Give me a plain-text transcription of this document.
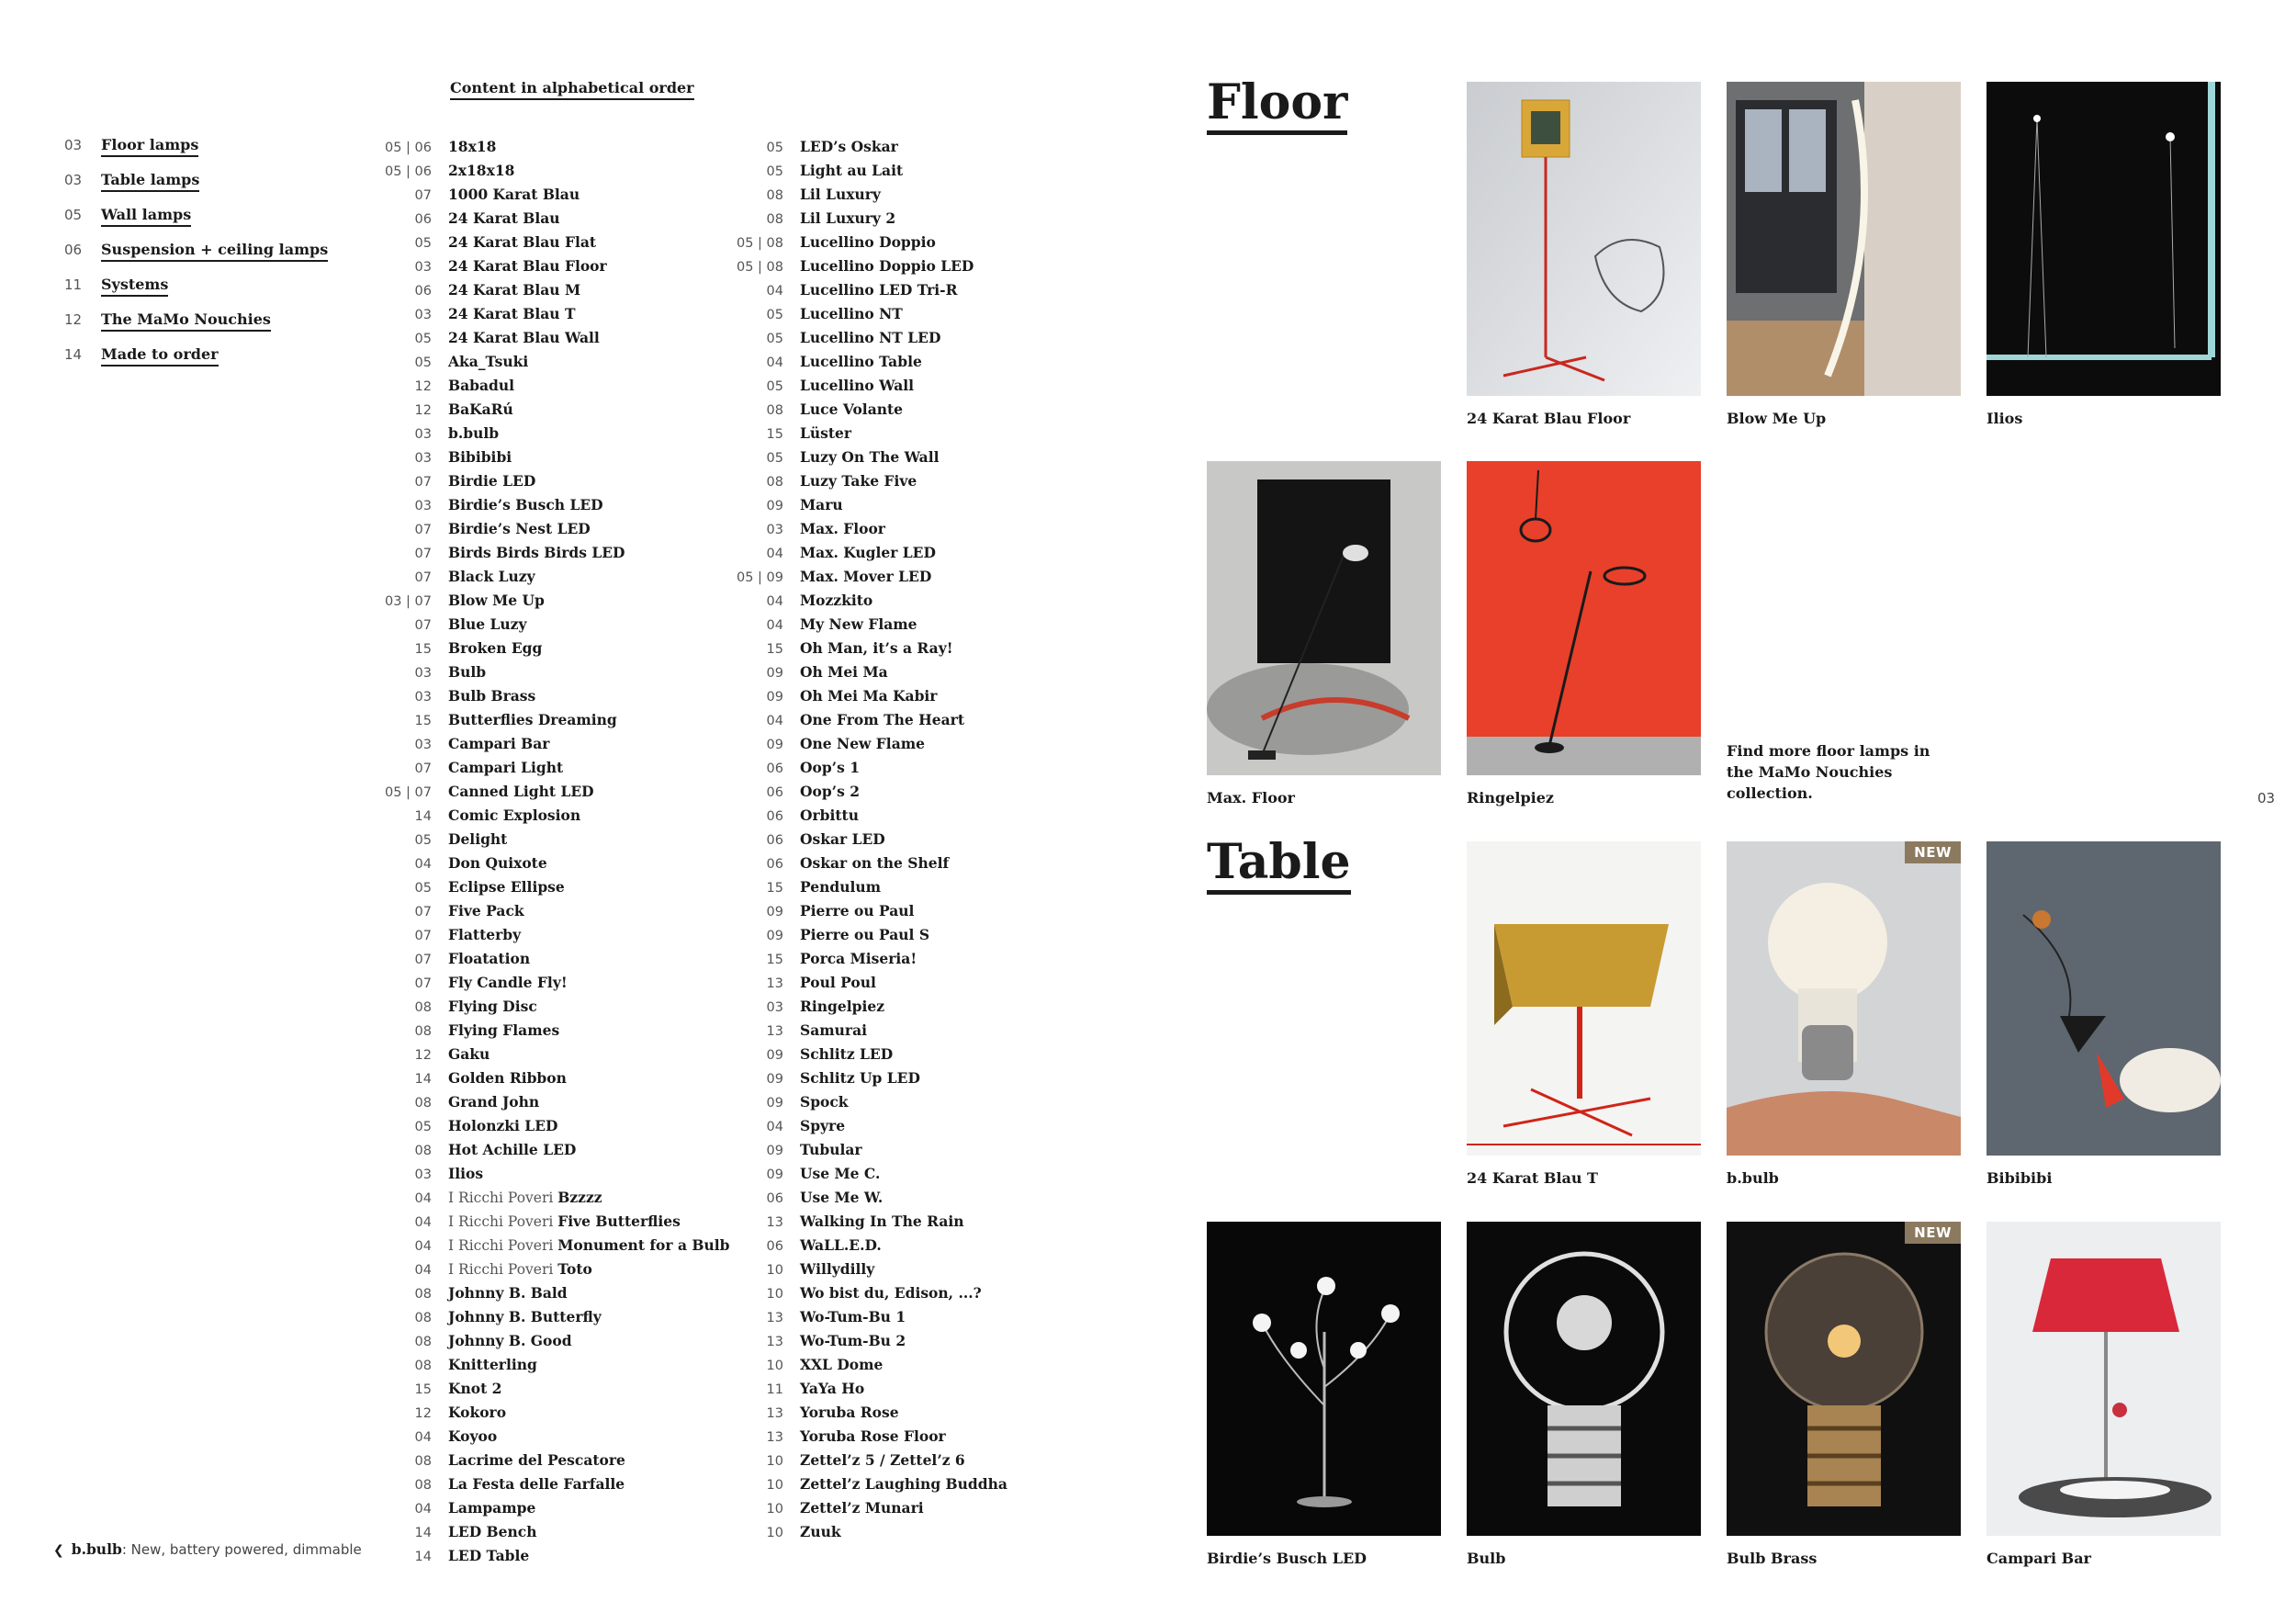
Content in alphabetical order
03	Floor lamps
03	Table lamps
05	Wall lamps
06	Suspension + ceiling lamps
11	Systems
12	The MaMo Nouchies
14	Made to order
05 | 06	18x18
05 | 06	2x18x18
07	1000 Karat Blau
06	24 Karat Blau
05	24 Karat Blau Flat
03	24 Karat Blau Floor
06	24 Karat Blau M
03	24 Karat Blau T
05	24 Karat Blau Wall
05	Aka_Tsuki
12	Babadul
12	BaKaRú
03	b.bulb
03	Bibibibi
07	Birdie LED
03	Birdie’s Busch LED
07	Birdie’s Nest LED
07	Birds Birds Birds LED
07	Black Luzy
03 | 07	Blow Me Up
07	Blue Luzy
15	Broken Egg
03	Bulb
03	Bulb Brass
15	Butterflies Dreaming
03	Campari Bar
07	Campari Light
05 | 07	Canned Light LED
14	Comic Explosion
05	Delight
04	Don Quixote
05	Eclipse Ellipse
07	Five Pack
07	Flatterby
07	Floatation
07	Fly Candle Fly!
08	Flying Disc
08	Flying Flames
12	Gaku
14	Golden Ribbon
08	Grand John
05	Holonzki LED
08	Hot Achille LED
03	Ilios
04	I Ricchi Poveri Bzzzz
04	I Ricchi Poveri Five Butterflies
04	I Ricchi Poveri Monument for a Bulb
04	I Ricchi Poveri Toto
08	Johnny B. Bald
08	Johnny B. Butterfly
08	Johnny B. Good
08	Knitterling
15	Knot 2
12	Kokoro
04	Koyoo
08	Lacrime del Pescatore
08	La Festa delle Farfalle
04	Lampampe
14	LED Bench
14	LED Table
05	LED’s Oskar
05	Light au Lait
08	Lil Luxury
08	Lil Luxury 2
05 | 08	Lucellino Doppio
05 | 08	Lucellino Doppio LED
04	Lucellino LED Tri-R
05	Lucellino NT
05	Lucellino NT LED
04	Lucellino Table
05	Lucellino Wall
08	Luce Volante
15	Lüster
05	Luzy On The Wall
08	Luzy Take Five
09	Maru
03	Max. Floor
04	Max. Kugler LED
05 | 09	Max. Mover LED
04	Mozzkito
04	My New Flame
15	Oh Man, it’s a Ray!
09	Oh Mei Ma
09	Oh Mei Ma Kabir
04	One From The Heart
09	One New Flame
06	Oop’s 1
06	Oop’s 2
06	Orbittu
06	Oskar LED
06	Oskar on the Shelf
15	Pendulum
09	Pierre ou Paul
09	Pierre ou Paul S
15	Porca Miseria!
13	Poul Poul
03	Ringelpiez
13	Samurai
09	Schlitz LED
09	Schlitz Up LED
09	Spock
04	Spyre
09	Tubular
09	Use Me C.
06	Use Me W.
13	Walking In The Rain
06	WaLL.E.D.
10	Willydilly
10	Wo bist du, Edison, ...?
13	Wo-Tum-Bu 1
13	Wo-Tum-Bu 2
10	XXL Dome
11	YaYa Ho
13	Yoruba Rose
13	Yoruba Rose Floor
10	Zettel’z 5 / Zettel’z 6
10	Zettel’z Laughing Buddha
10	Zettel’z Munari
10	Zuuk
❮ b.bulb : New, battery powered, dimmable
Floor
24 Karat Blau Floor	Blow Me Up	Ilios
Max. Floor	Ringelpiez

Find more floor lamps in the MaMo Nouchies collection.	03
Table
24 Karat Blau T
NEW
b.bulb	Bibibibi
Birdie’s Busch LED	Bulb
NEW
Bulb Brass	Campari Bar
